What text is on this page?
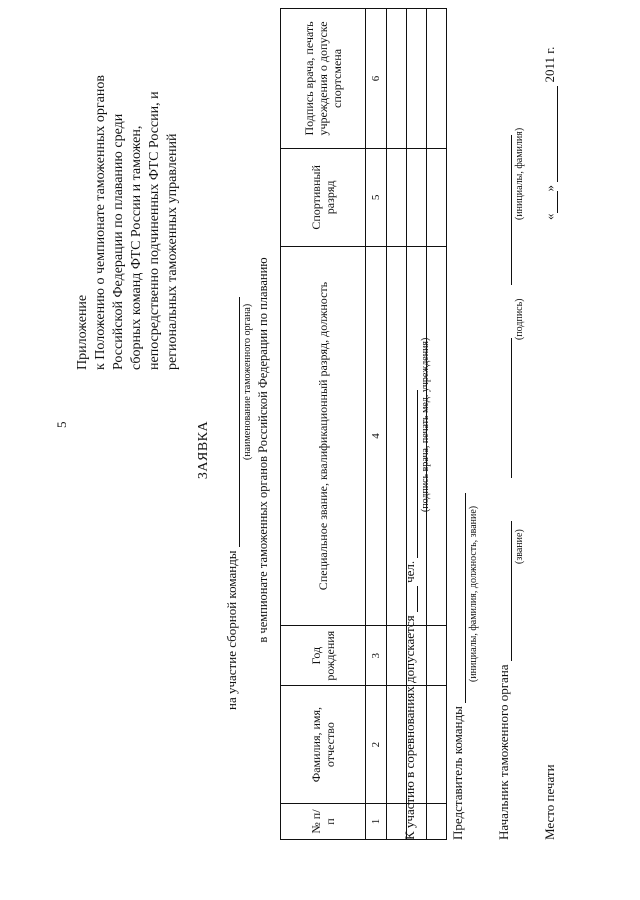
5
Приложение к Положению о чемпионате таможенных органов Российской Федерации по плаванию среди сборных команд ФТС России и таможен, непосредственно подчиненных ФТС России, и региональных таможенных управлений
ЗАЯВКА
на участие сборной команды
(наименование таможенного органа) в чемпионате таможенных органов Российской Федерации по плаванию
№ п/п	Фамилия, имя, отчество	Год рождения	Специальное звание, квалификационный разряд, должность	Спортивный разряд	Подпись врача, печать учреждения о допуске спортсмена
1	2	3	4	5	6

К участию в соревнованиях допускается  чел.
(подпись врача, печать мед. учреждения)
Представитель команды
(инициалы, фамилия, должность, звание)
Начальник таможенного органа
(звание)
(подпись)
(инициалы, фамилия)
Место печати
«»  2011 г.
